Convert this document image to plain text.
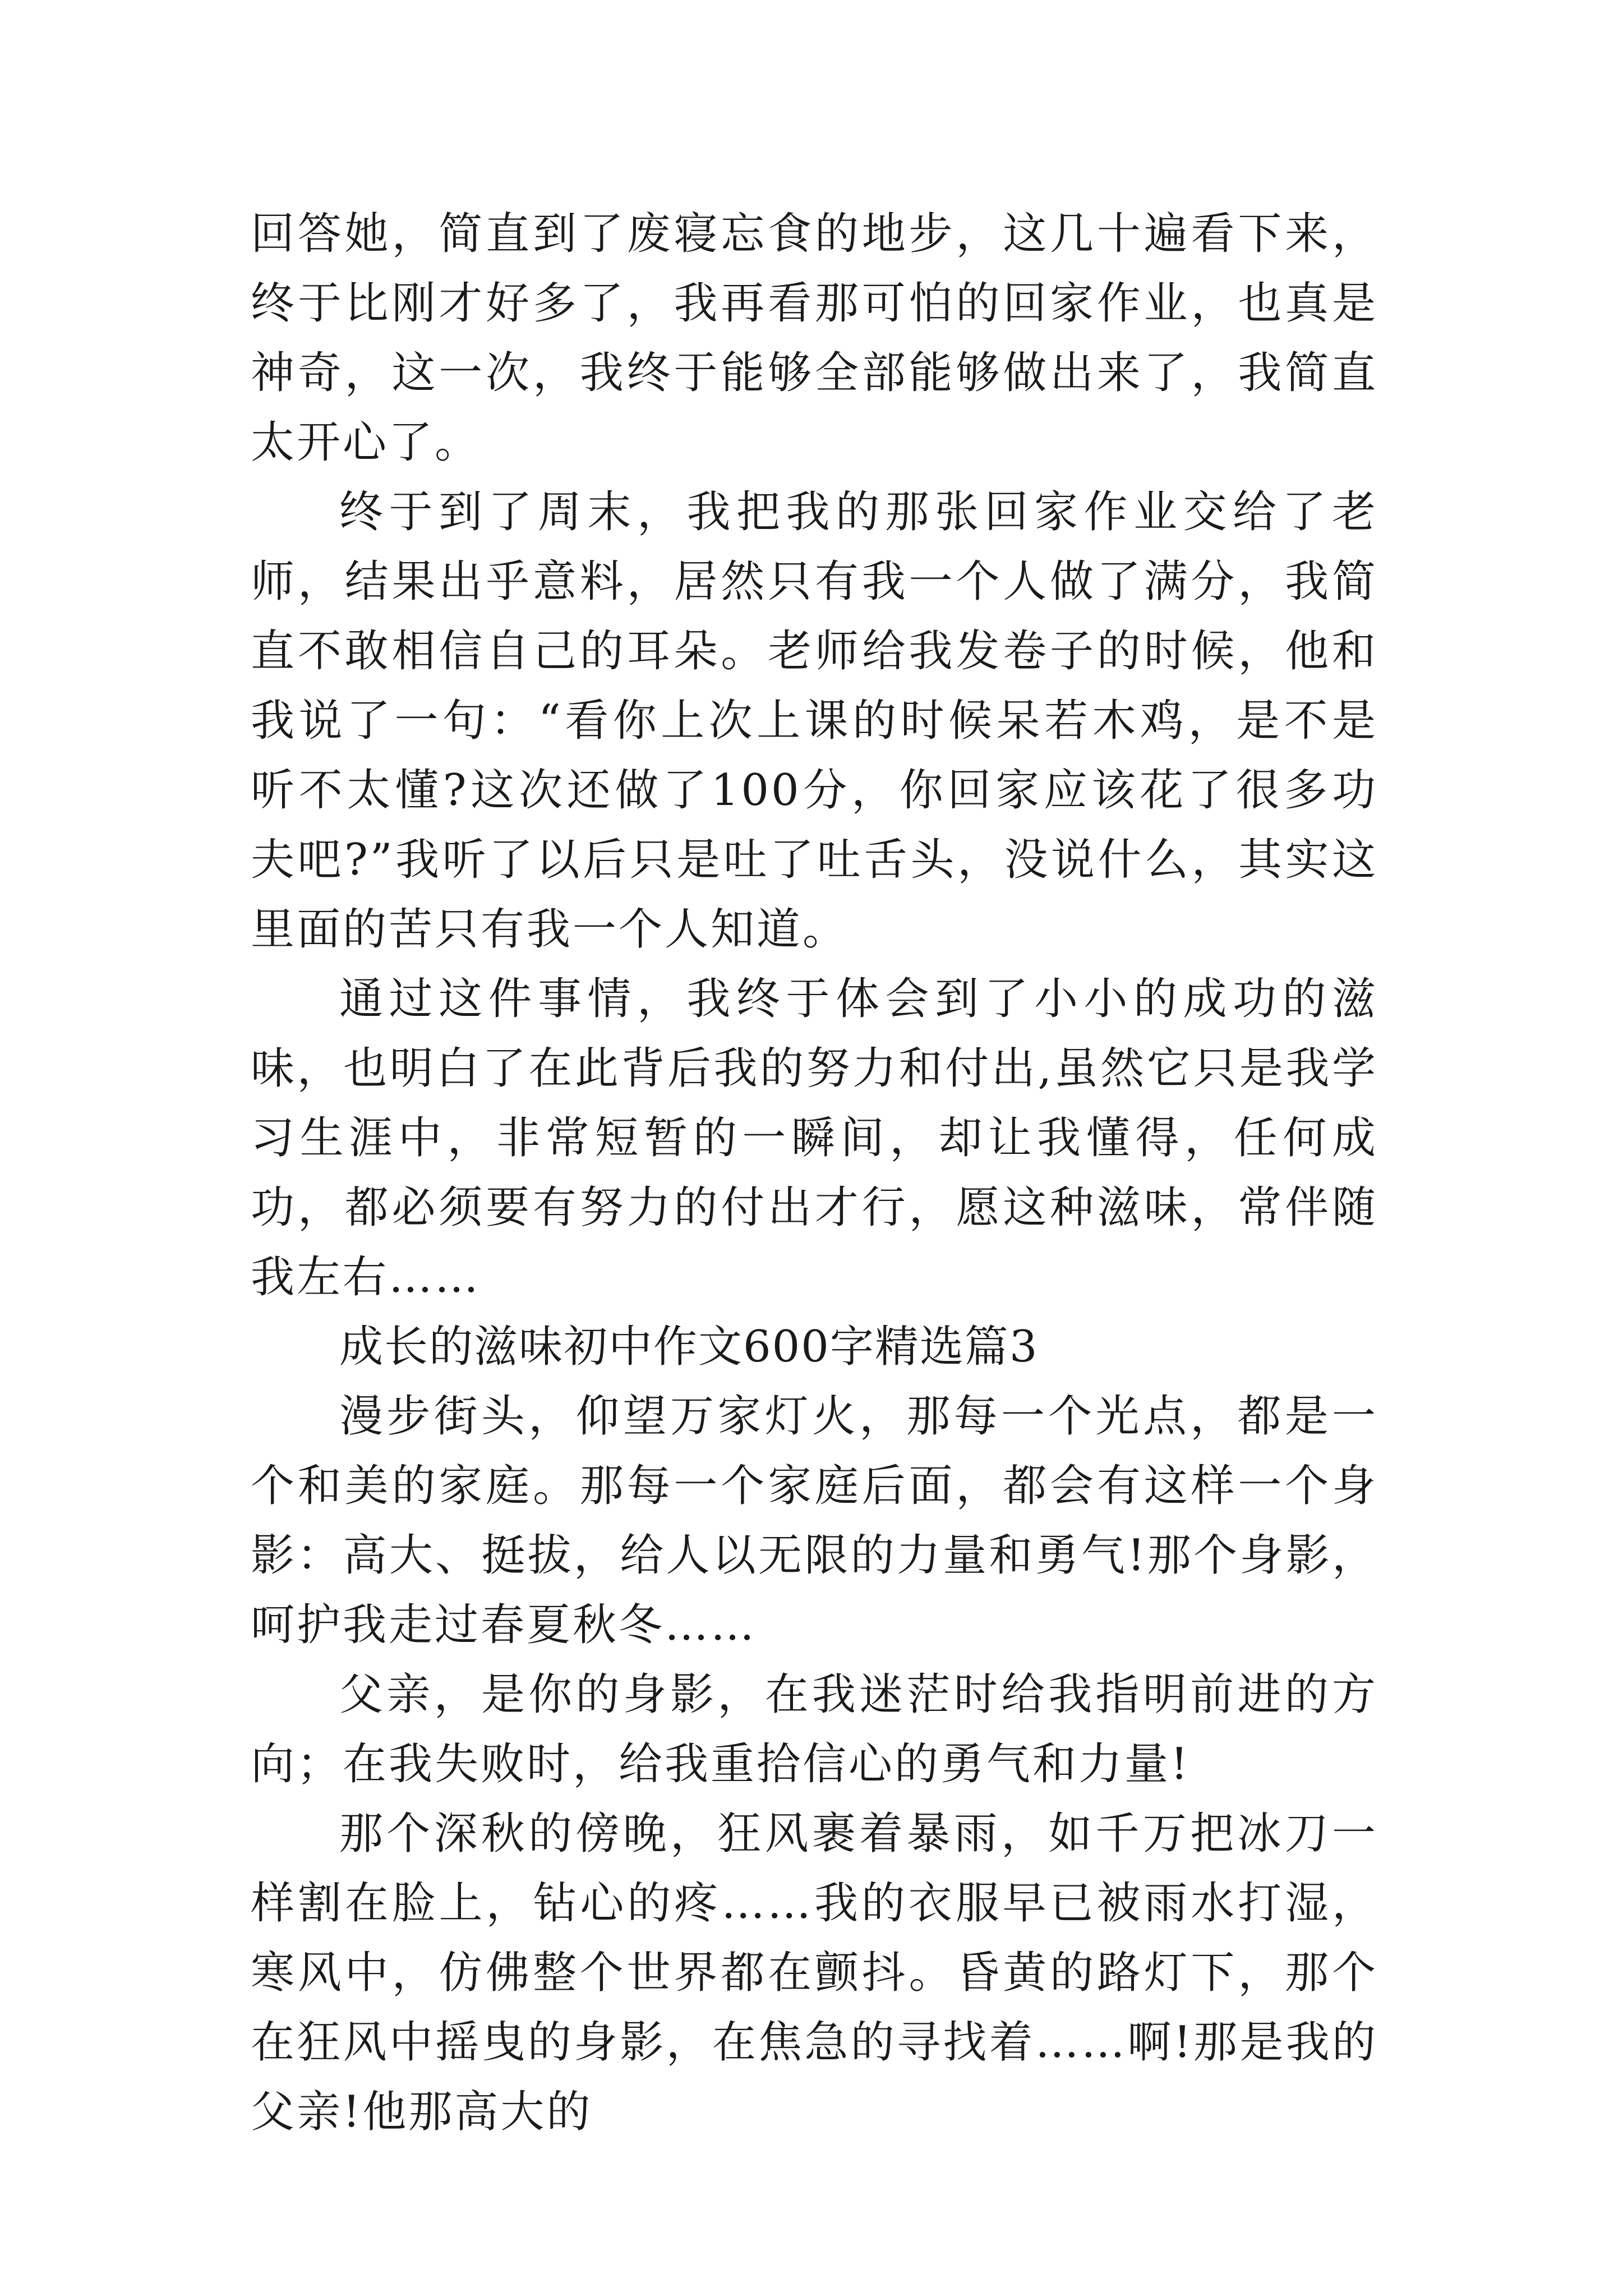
回答她，简直到了废寝忘食的地步，这几十遍看下来，终于比刚才好多了，我再看那可怕的回家作业，也真是神奇，这一次，我终于能够全部能够做出来了，我简直太开心了。

终于到了周末，我把我的那张回家作业交给了老师，结果出乎意料，居然只有我一个人做了满分，我简直不敢相信自己的耳朵。老师给我发卷子的时候，他和我说了一句：“看你上次上课的时候呆若木鸡，是不是听不太懂?这次还做了100分，你回家应该花了很多功夫吧?”我听了以后只是吐了吐舌头，没说什么，其实这里面的苦只有我一个人知道。

通过这件事情，我终于体会到了小小的成功的滋味，也明白了在此背后我的努力和付出,虽然它只是我学习生涯中，非常短暂的一瞬间，却让我懂得，任何成功，都必须要有努力的付出才行，愿这种滋味，常伴随我左右……

成长的滋味初中作文600字精选篇3

漫步街头，仰望万家灯火，那每一个光点，都是一个和美的家庭。那每一个家庭后面，都会有这样一个身影：高大、挺拔，给人以无限的力量和勇气!那个身影，呵护我走过春夏秋冬……

父亲，是你的身影，在我迷茫时给我指明前进的方向；在我失败时，给我重拾信心的勇气和力量!

那个深秋的傍晚，狂风裹着暴雨，如千万把冰刀一样割在脸上，钻心的疼……我的衣服早已被雨水打湿，寒风中，仿佛整个世界都在颤抖。昏黄的路灯下，那个在狂风中摇曳的身影，在焦急的寻找着……啊!那是我的父亲!他那高大的
